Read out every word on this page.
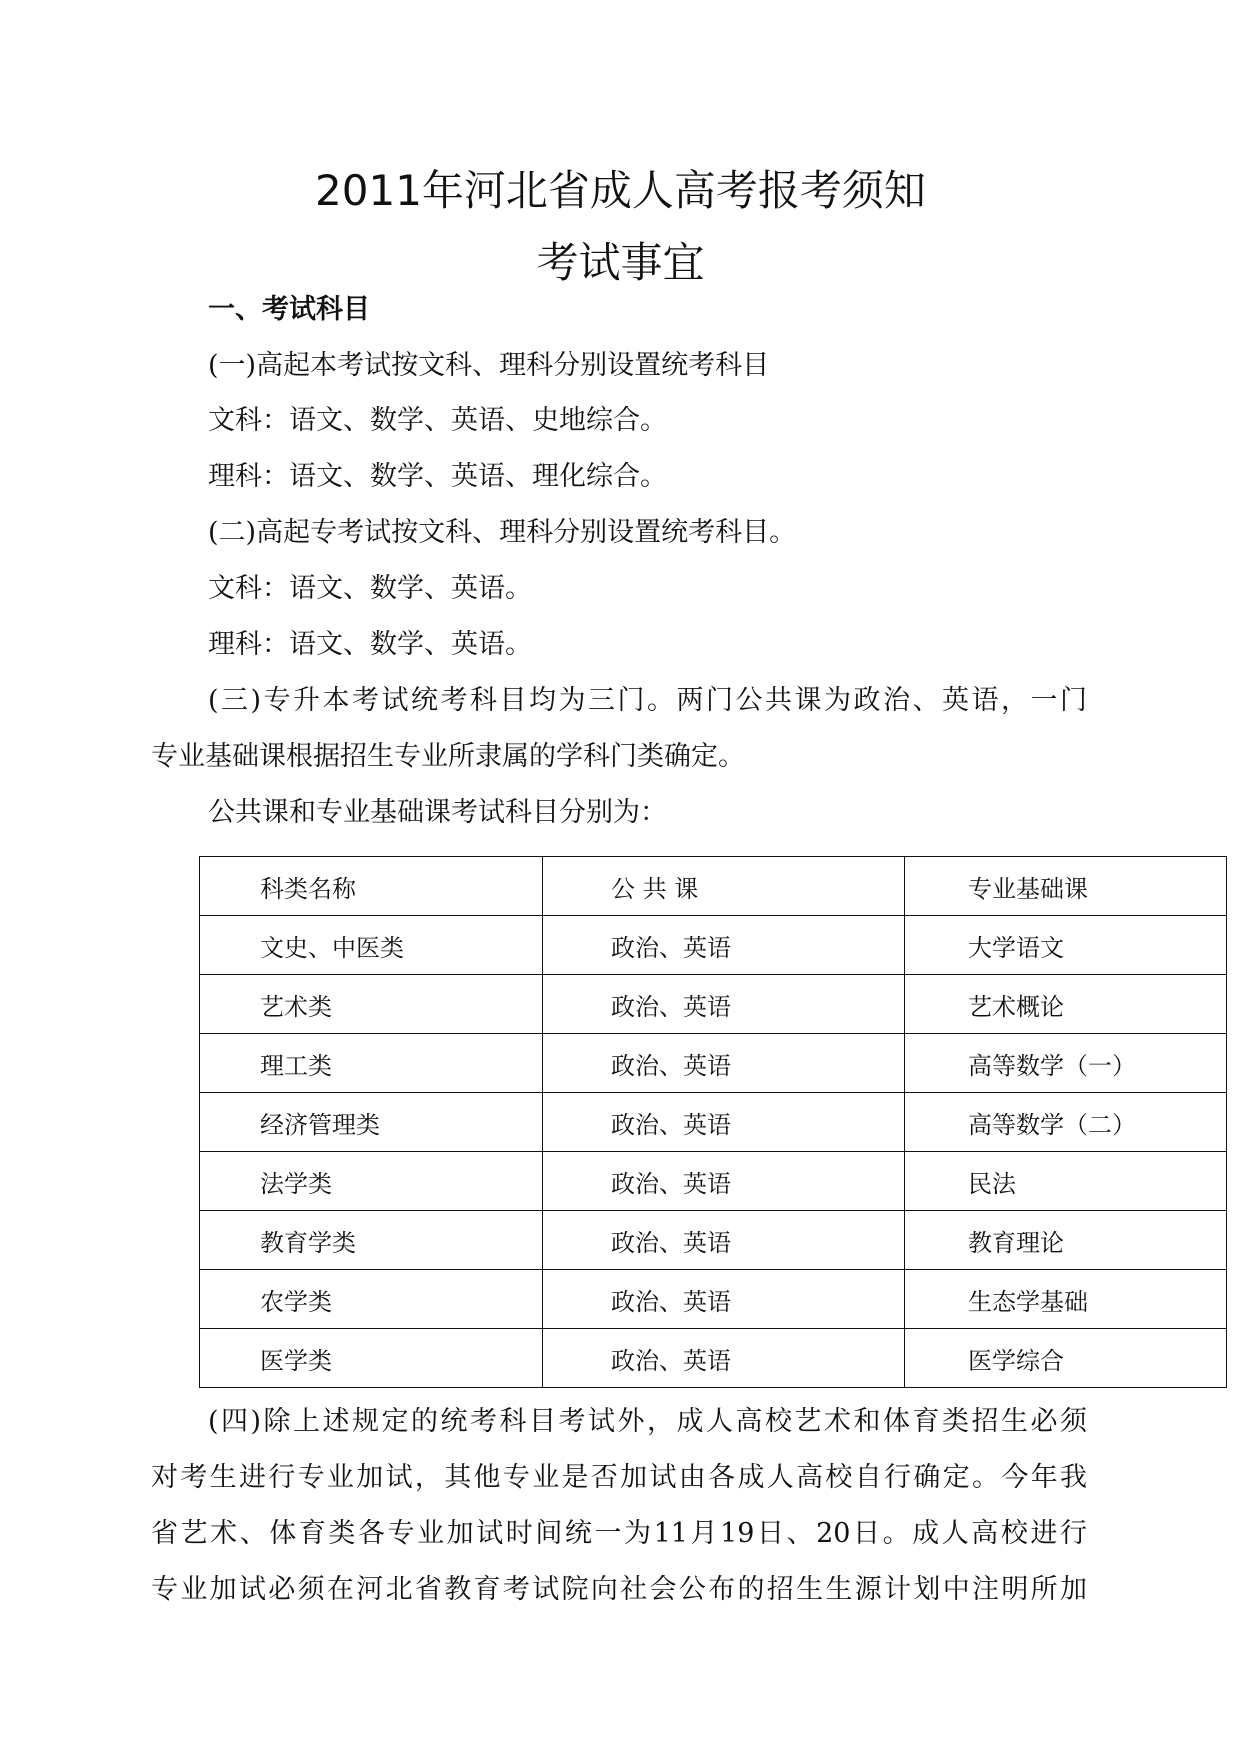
2011年河北省成人高考报考须知
考试事宜
一、考试科目
(一)高起本考试按文科、理科分别设置统考科目
文科：语文、数学、英语、史地综合。
理科：语文、数学、英语、理化综合。
(二)高起专考试按文科、理科分别设置统考科目。
文科：语文、数学、英语。
理科：语文、数学、英语。
(三)专升本考试统考科目均为三门。两门公共课为政治、英语，一门
专业基础课根据招生专业所隶属的学科门类确定。
公共课和专业基础课考试科目分别为：
科类名称	公 共 课	专业基础课
文史、中医类	政治、英语	大学语文
艺术类	政治、英语	艺术概论
理工类	政治、英语	高等数学（一）
经济管理类	政治、英语	高等数学（二）
法学类	政治、英语	民法
教育学类	政治、英语	教育理论
农学类	政治、英语	生态学基础
医学类	政治、英语	医学综合
(四)除上述规定的统考科目考试外，成人高校艺术和体育类招生必须
对考生进行专业加试，其他专业是否加试由各成人高校自行确定。今年我
省艺术、体育类各专业加试时间统一为11月19日、20日。成人高校进行
专业加试必须在河北省教育考试院向社会公布的招生生源计划中注明所加
